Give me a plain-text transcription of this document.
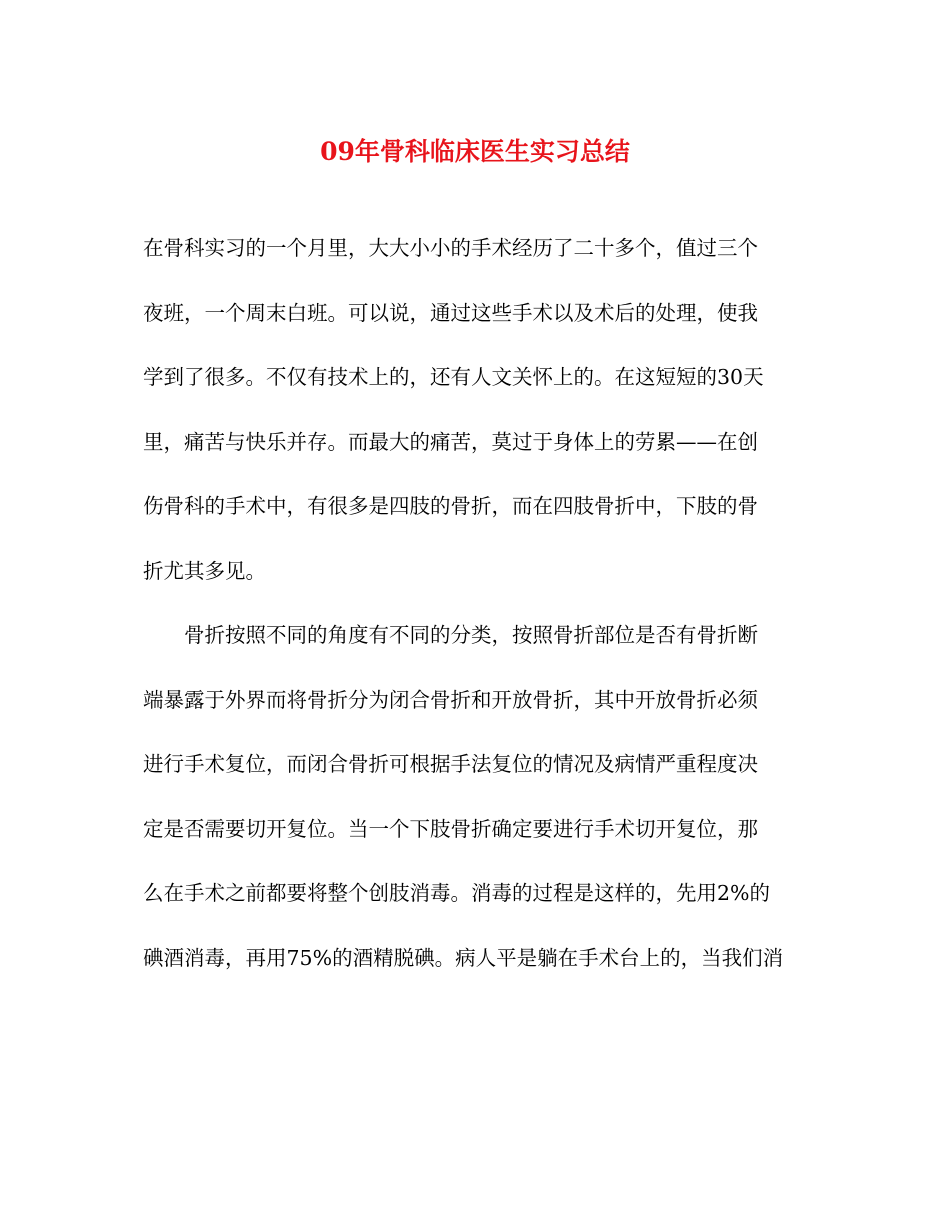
09年骨科临床医生实习总结
在骨科实习的一个月里，大大小小的手术经历了二十多个，值过三个
夜班，一个周末白班。可以说，通过这些手术以及术后的处理，使我
学到了很多。不仅有技术上的，还有人文关怀上的。在这短短的30天
里，痛苦与快乐并存。而最大的痛苦，莫过于身体上的劳累——在创
伤骨科的手术中，有很多是四肢的骨折，而在四肢骨折中，下肢的骨
折尤其多见。
骨折按照不同的角度有不同的分类，按照骨折部位是否有骨折断
端暴露于外界而将骨折分为闭合骨折和开放骨折，其中开放骨折必须
进行手术复位，而闭合骨折可根据手法复位的情况及病情严重程度决
定是否需要切开复位。当一个下肢骨折确定要进行手术切开复位，那
么在手术之前都要将整个创肢消毒。消毒的过程是这样的，先用2%的
碘酒消毒，再用75%的酒精脱碘。病人平是躺在手术台上的，当我们消
